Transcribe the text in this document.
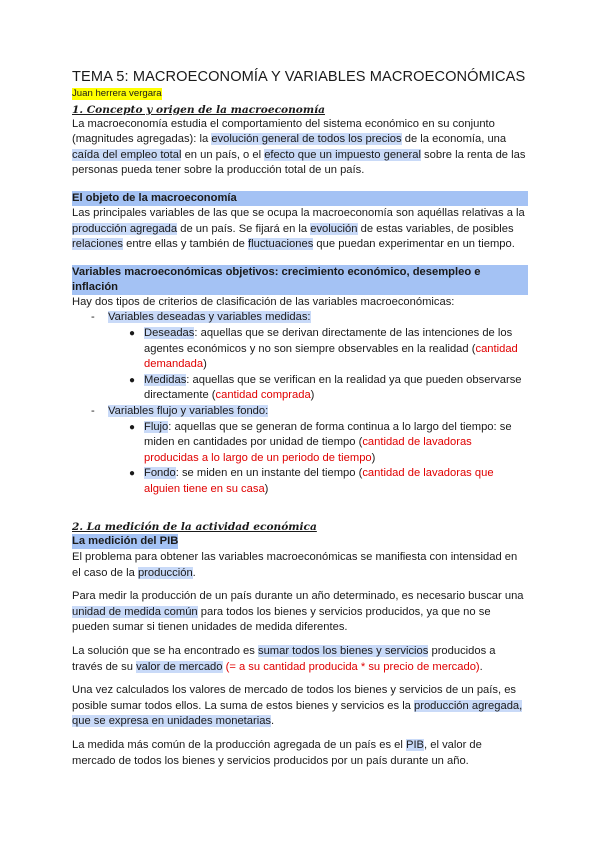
TEMA 5: MACROECONOMÍA Y VARIABLES MACROECONÓMICAS
Juan herrera vergara

1. Concepto y origen de la macroeconomía

La macroeconomía estudia el comportamiento del sistema económico en su conjunto (magnitudes agregadas): la evolución general de todos los precios de la economía, una caída del empleo total en un país, o el efecto que un impuesto general sobre la renta de las personas pueda tener sobre la producción total de un país.

El objeto de la macroeconomía

Las principales variables de las que se ocupa la macroeconomía son aquéllas relativas a la producción agregada de un país. Se fijará en la evolución de estas variables, de posibles relaciones entre ellas y también de fluctuaciones que puedan experimentar en un tiempo.

Variables macroeconómicas objetivos: crecimiento económico, desempleo e inflación

Hay dos tipos de criterios de clasificación de las variables macroeconómicas:

- Variables deseadas y variables medidas:
● Deseadas: aquellas que se derivan directamente de las intenciones de los agentes económicos y no son siempre observables en la realidad (cantidad demandada)
● Medidas: aquellas que se verifican en la realidad ya que pueden observarse directamente (cantidad comprada)
- Variables flujo y variables fondo:
● Flujo: aquellas que se generan de forma continua a lo largo del tiempo: se miden en cantidades por unidad de tiempo (cantidad de lavadoras producidas a lo largo de un periodo de tiempo)
● Fondo: se miden en un instante del tiempo (cantidad de lavadoras que alguien tiene en su casa)

2. La medición de la actividad económica

La medición del PIB

El problema para obtener las variables macroeconómicas se manifiesta con intensidad en el caso de la producción.

Para medir la producción de un país durante un año determinado, es necesario buscar una unidad de medida común para todos los bienes y servicios producidos, ya que no se pueden sumar si tienen unidades de medida diferentes.

La solución que se ha encontrado es sumar todos los bienes y servicios producidos a través de su valor de mercado (= a su cantidad producida * su precio de mercado).

Una vez calculados los valores de mercado de todos los bienes y servicios de un país, es posible sumar todos ellos. La suma de estos bienes y servicios es la producción agregada, que se expresa en unidades monetarias.

La medida más común de la producción agregada de un país es el PIB, el valor de mercado de todos los bienes y servicios producidos por un país durante un año.
